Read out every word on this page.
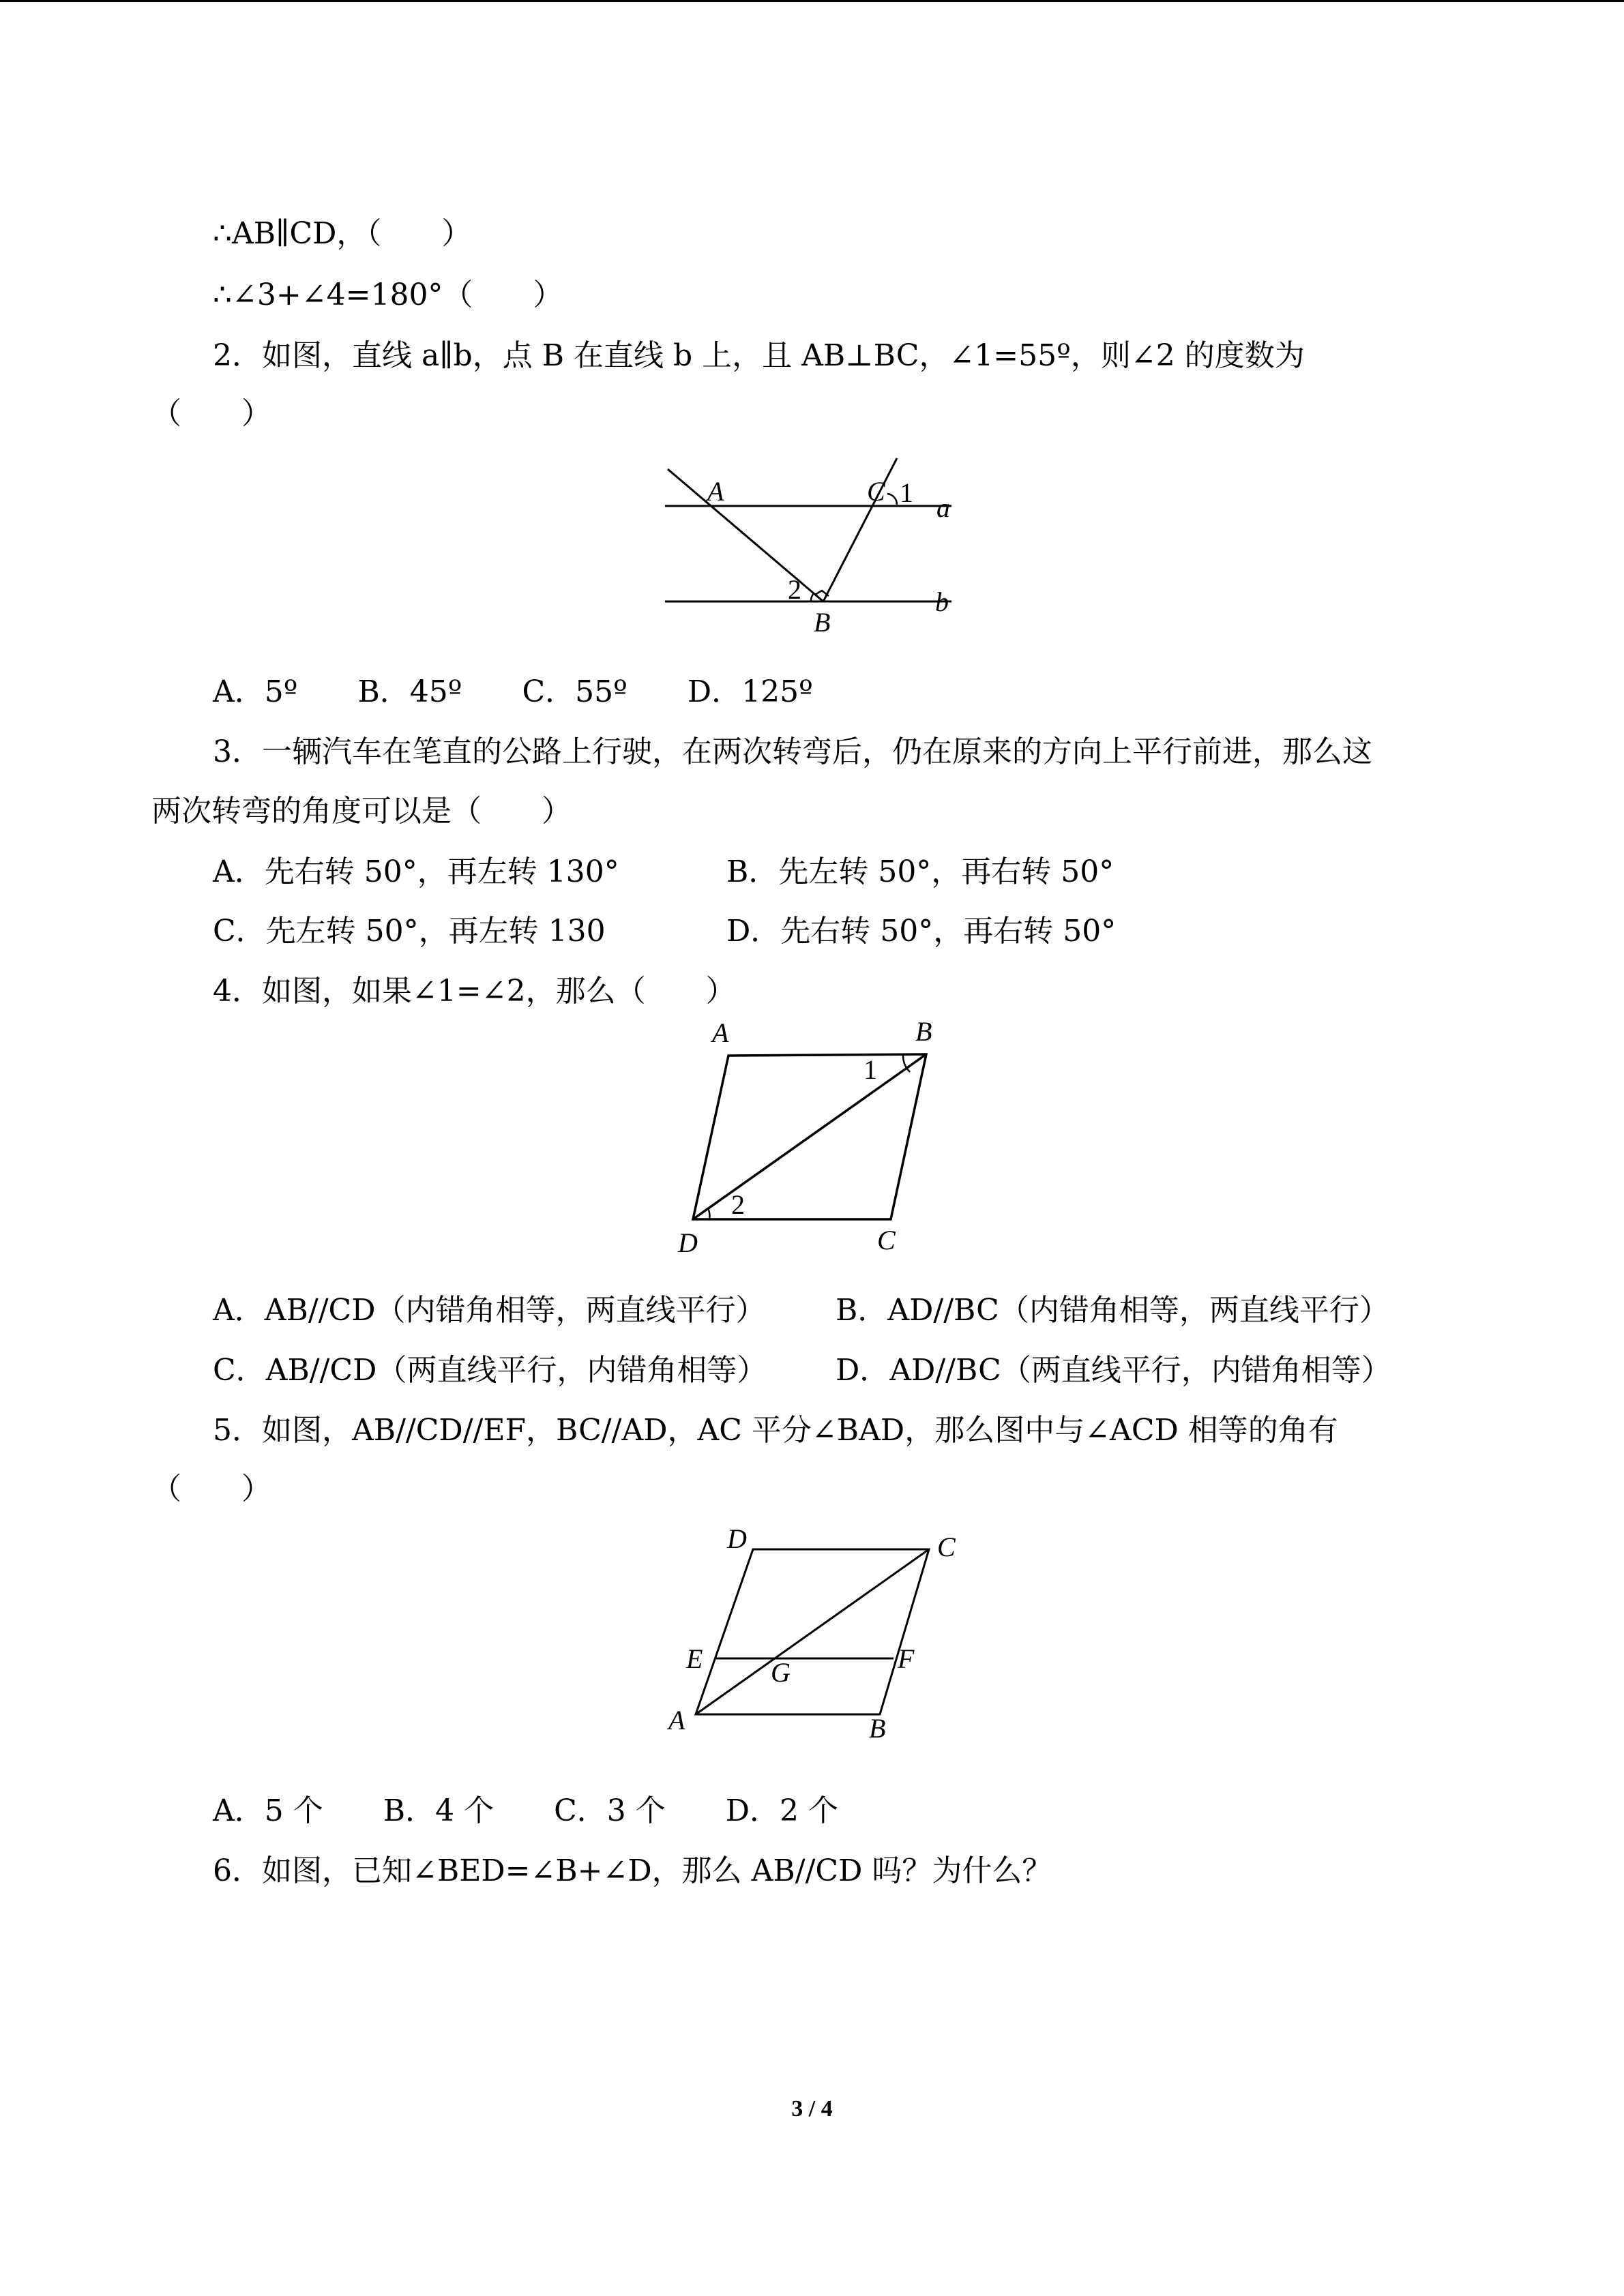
∴AB∥CD，（　　）
∴∠3+∠4=180°（　　）
2．如图，直线 a∥b，点 B 在直线 b 上，且 AB⊥BC，∠1=55º，则∠2 的度数为
（　　）
A	C 1 a
b
2
B
A．5º　　B．45º　　C．55º　　D．125º
3．一辆汽车在笔直的公路上行驶，在两次转弯后，仍在原来的方向上平行前进，那么这
两次转弯的角度可以是（　　）
A．先右转 50°，再左转 130°	B．先左转 50°，再右转 50°
C．先左转 50°，再左转 130	D．先右转 50°，再右转 50°
4．如图，如果∠1=∠2，那么（　　）
A	B
1
2
D	C
A．AB//CD（内错角相等，两直线平行） B．AD//BC（内错角相等，两直线平行）
C．AB//CD（两直线平行，内错角相等） D．AD//BC（两直线平行，内错角相等）
5．如图，AB//CD//EF，BC//AD，AC 平分∠BAD，那么图中与∠ACD 相等的角有
（　　）
D	C
E G	F
A	B
A．5 个　　B．4 个　　C．3 个　　D．2 个
6．如图，已知∠BED=∠B+∠D，那么 AB//CD 吗？为什么？
3 / 4
